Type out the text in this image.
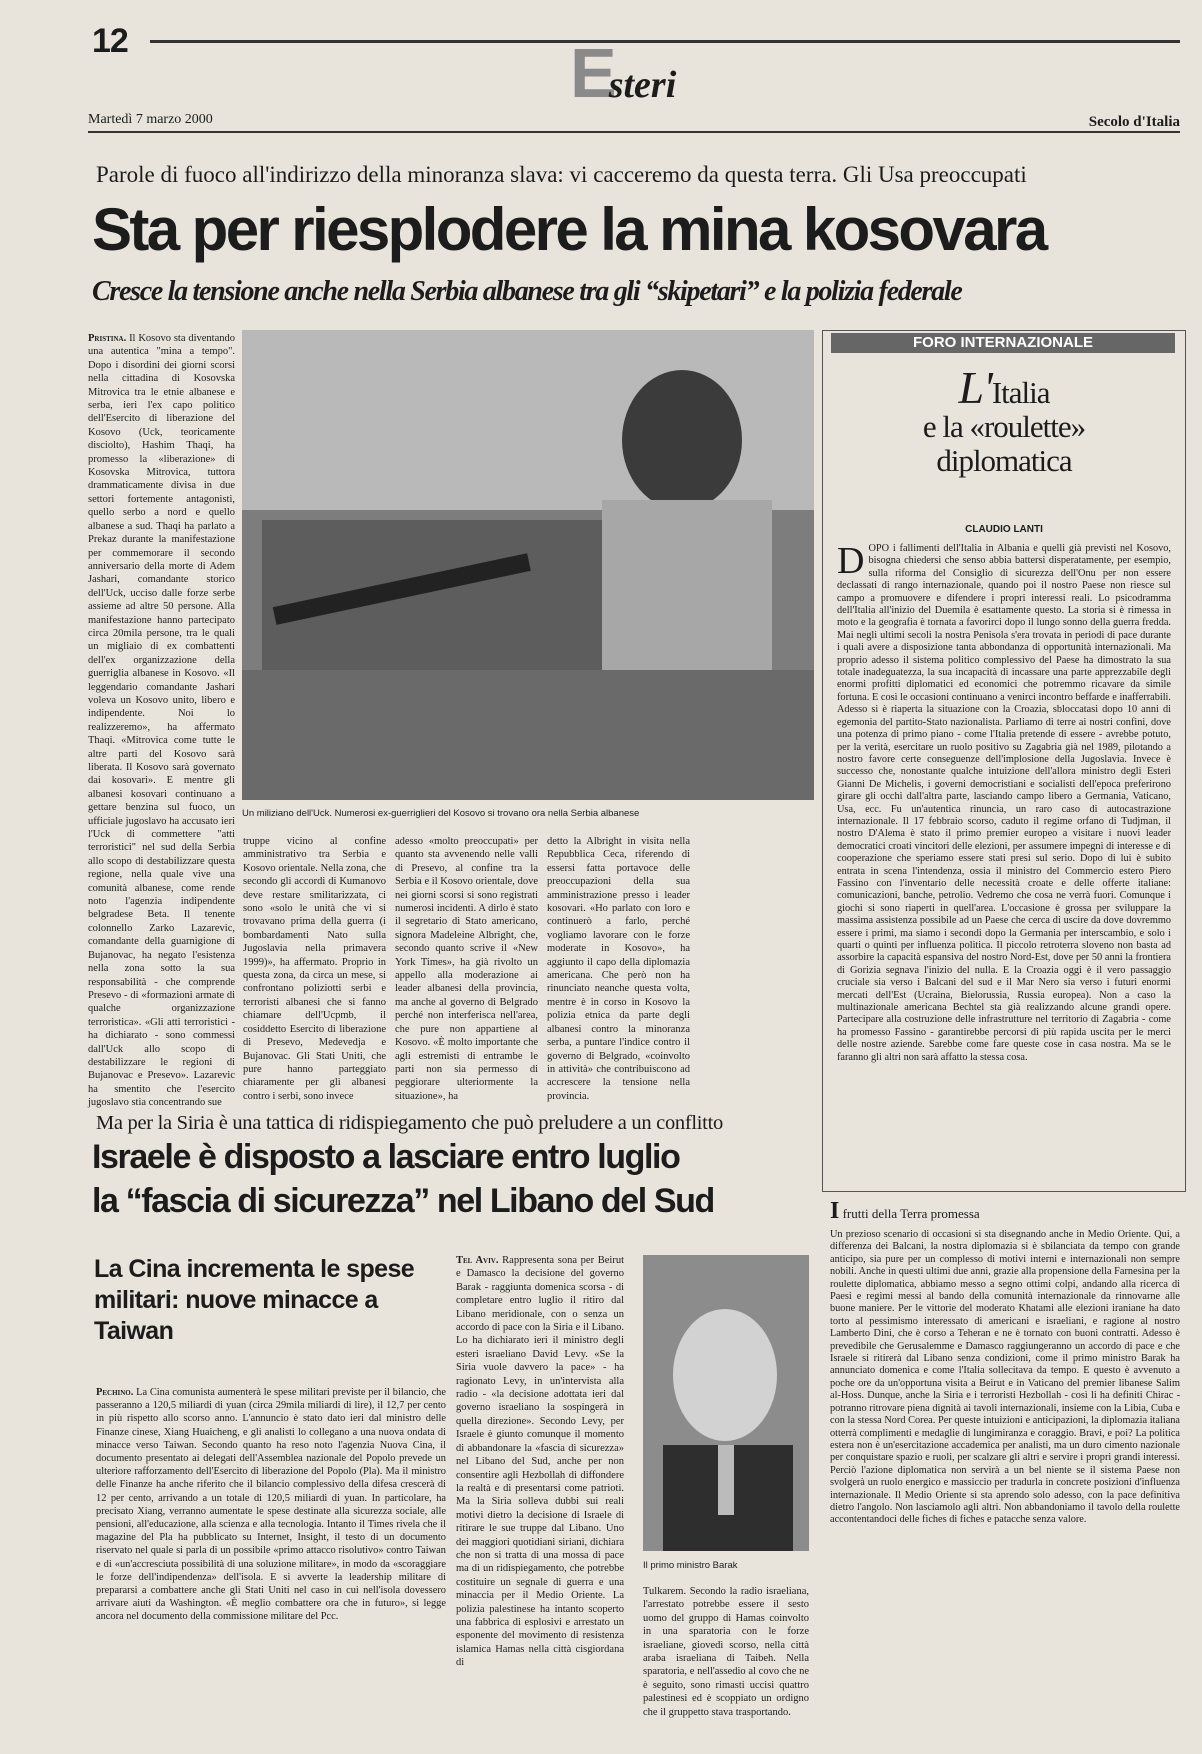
12	Esteri
Martedì 7 marzo 2000	Secolo d'Italia
Parole di fuoco all'indirizzo della minoranza slava: vi cacceremo da questa terra. Gli Usa preoccupati
Sta per riesplodere la mina kosovara
Cresce la tensione anche nella Serbia albanese tra gli “skipetari” e la polizia federale
Un miliziano dell'Uck. Numerosi ex-guerriglieri del Kosovo si trovano ora nella Serbia albanese
Pristina. Il Kosovo sta diventando una autentica "mina a tempo". Dopo i disordini dei giorni scorsi nella cittadina di Kosovska Mitrovica tra le etnie albanese e serba, ieri l'ex capo politico dell'Esercito di liberazione del Kosovo (Uck, teoricamente disciolto), Hashim Thaqi, ha promesso la «liberazione» di Kosovska Mitrovica, tuttora drammaticamente divisa in due settori fortemente antagonisti, quello serbo a nord e quello albanese a sud. Thaqi ha parlato a Prekaz durante la manifestazione per commemorare il secondo anniversario della morte di Adem Jashari, comandante storico dell'Uck, ucciso dalle forze serbe assieme ad altre 50 persone. Alla manifestazione hanno partecipato circa 20mila persone, tra le quali un migliaio di ex combattenti dell'ex organizzazione della guerriglia albanese in Kosovo. «Il leggendario comandante Jashari voleva un Kosovo unito, libero e indipendente. Noi lo realizzeremo», ha affermato Thaqi. «Mitrovica come tutte le altre parti del Kosovo sarà liberata. Il Kosovo sarà governato dai kosovari». E mentre gli albanesi kosovari continuano a gettare benzina sul fuoco, un ufficiale jugoslavo ha accusato ieri l'Uck di commettere "atti terroristici" nel sud della Serbia allo scopo di destabilizzare questa regione, nella quale vive una comunità albanese, come rende noto l'agenzia indipendente belgradese Beta. Il tenente colonnello Zarko Lazarevic, comandante della guarnigione di Bujanovac, ha negato l'esistenza nella zona sotto la sua responsabilità - che comprende Presevo - di «formazioni armate di qualche organizzazione terroristica». «Gli atti terroristici - ha dichiarato - sono commessi dall'Uck allo scopo di destabilizzare le regioni di Bujanovac e Presevo». Lazarevic ha smentito che l'esercito jugoslavo stia concentrando sue
truppe vicino al confine amministrativo tra Serbia e Kosovo orientale. Nella zona, che secondo gli accordi di Kumanovo deve restare smilitarizzata, ci sono «solo le unità che vi si trovavano prima della guerra (i bombardamenti Nato sulla Jugoslavia nella primavera 1999)», ha affermato. Proprio in questa zona, da circa un mese, si confrontano poliziotti serbi e terroristi albanesi che si fanno chiamare dell'Ucpmb, il cosiddetto Esercito di liberazione di Presevo, Medevedja e Bujanovac. Gli Stati Uniti, che pure hanno parteggiato chiaramente per gli albanesi contro i serbi, sono invece
adesso «molto preoccupati» per quanto sta avvenendo nelle valli di Presevo, al confine tra la Serbia e il Kosovo orientale, dove nei giorni scorsi si sono registrati numerosi incidenti. A dirlo è stato il segretario di Stato americano, signora Madeleine Albright, che, secondo quanto scrive il «New York Times», ha già rivolto un appello alla moderazione ai leader albanesi della provincia, ma anche al governo di Belgrado perché non interferisca nell'area, che pure non appartiene al Kosovo. «È molto importante che agli estremisti di entrambe le parti non sia permesso di peggiorare ulteriormente la situazione», ha
detto la Albright in visita nella Repubblica Ceca, riferendo di essersi fatta portavoce delle preoccupazioni della sua amministrazione presso i leader kosovari. «Ho parlato con loro e continuerò a farlo, perché vogliamo lavorare con le forze moderate in Kosovo», ha aggiunto il capo della diplomazia americana. Che però non ha rinunciato neanche questa volta, mentre è in corso in Kosovo la polizia etnica da parte degli albanesi contro la minoranza serba, a puntare l'indice contro il governo di Belgrado, «coinvolto in attività» che contribuiscono ad accrescere la tensione nella provincia.
Ma per la Siria è una tattica di ridispiegamento che può preludere a un conflitto
Israele è disposto a lasciare entro luglio
la “fascia di sicurezza” nel Libano del Sud
La Cina incrementa le spese militari: nuove minacce a Taiwan
Pechino. La Cina comunista aumenterà le spese militari previste per il bilancio, che passeranno a 120,5 miliardi di yuan (circa 29mila miliardi di lire), il 12,7 per cento in più rispetto allo scorso anno. L'annuncio è stato dato ieri dal ministro delle Finanze cinese, Xiang Huaicheng, e gli analisti lo collegano a una nuova ondata di minacce verso Taiwan. Secondo quanto ha reso noto l'agenzia Nuova Cina, il documento presentato ai delegati dell'Assemblea nazionale del Popolo prevede un ulteriore rafforzamento dell'Esercito di liberazione del Popolo (Pla). Ma il ministro delle Finanze ha anche riferito che il bilancio complessivo della difesa crescerà di 12 per cento, arrivando a un totale di 120,5 miliardi di yuan. In particolare, ha precisato Xiang, verranno aumentate le spese destinate alla sicurezza sociale, alle pensioni, all'educazione, alla scienza e alla tecnologia. Intanto il Times rivela che il magazine del Pla ha pubblicato su Internet, Insight, il testo di un documento riservato nel quale si parla di un possibile «primo attacco risolutivo» contro Taiwan e di «un'accresciuta possibilità di una soluzione militare», in modo da «scoraggiare le forze dell'indipendenza» dell'isola. E si avverte la leadership militare di prepararsi a combattere anche gli Stati Uniti nel caso in cui nell'isola dovessero arrivare aiuti da Washington. «È meglio combattere ora che in futuro», si legge ancora nel documento della commissione militare del Pcc.
Tel Aviv. Rappresenta sona per Beirut e Damasco la decisione del governo Barak - raggiunta domenica scorsa - di completare entro luglio il ritiro dal Libano meridionale, con o senza un accordo di pace con la Siria e il Libano. Lo ha dichiarato ieri il ministro degli esteri israeliano David Levy. «Se la Siria vuole davvero la pace» - ha ragionato Levy, in un'intervista alla radio - «la decisione adottata ieri dal governo israeliano la sospingerà in quella direzione». Secondo Levy, per Israele è giunto comunque il momento di abbandonare la «fascia di sicurezza» nel Libano del Sud, anche per non consentire agli Hezbollah di diffondere la realtà e di presentarsi come patrioti. Ma la Siria solleva dubbi sui reali motivi dietro la decisione di Israele di ritirare le sue truppe dal Libano. Uno dei maggiori quotidiani siriani, dichiara che non si tratta di una mossa di pace ma di un ridispiegamento, che potrebbe costituire un segnale di guerra e una minaccia per il Medio Oriente. La polizia palestinese ha intanto scoperto una fabbrica di esplosivi e arrestato un esponente del movimento di resistenza islamica Hamas nella città cisgiordana di
Il primo ministro Barak
Tulkarem. Secondo la radio israeliana, l'arrestato potrebbe essere il sesto uomo del gruppo di Hamas coinvolto in una sparatoria con le forze israeliane, giovedì scorso, nella città araba israeliana di Taibeh. Nella sparatoria, e nell'assedio al covo che ne è seguito, sono rimasti uccisi quattro palestinesi ed è scoppiato un ordigno che il gruppetto stava trasportando.
FORO INTERNAZIONALE
L'Italia
e la «roulette»
diplomatica
CLAUDIO LANTI
D OPO i fallimenti dell'Italia in Albania e quelli già previsti nel Kosovo, bisogna chiedersi che senso abbia battersi disperatamente, per esempio, sulla riforma del Consiglio di sicurezza dell'Onu per non essere declassati di rango internazionale, quando poi il nostro Paese non riesce sul campo a promuovere e difendere i propri interessi reali. Lo psicodramma dell'Italia all'inizio del Duemila è esattamente questo. La storia si è rimessa in moto e la geografia è tornata a favorirci dopo il lungo sonno della guerra fredda. Mai negli ultimi secoli la nostra Penisola s'era trovata in periodi di pace durante i quali avere a disposizione tanta abbondanza di opportunità internazionali. Ma proprio adesso il sistema politico complessivo del Paese ha dimostrato la sua totale inadeguatezza, la sua incapacità di incassare una parte apprezzabile degli enormi profitti diplomatici ed economici che potremmo ricavare da simile fortuna. E così le occasioni continuano a venirci incontro beffarde e inafferrabili. Adesso si è riaperta la situazione con la Croazia, sbloccatasi dopo 10 anni di egemonia del partito-Stato nazionalista. Parliamo di terre ai nostri confini, dove una potenza di primo piano - come l'Italia pretende di essere - avrebbe potuto, per la verità, esercitare un ruolo positivo su Zagabria già nel 1989, pilotando a nostro favore certe conseguenze dell'implosione della Jugoslavia. Invece è successo che, nonostante qualche intuizione dell'allora ministro degli Esteri Gianni De Michelis, i governi democristiani e socialisti dell'epoca preferirono girare gli occhi dall'altra parte, lasciando campo libero a Germania, Vaticano, Usa, ecc. Fu un'autentica rinuncia, un raro caso di autocastrazione internazionale. Il 17 febbraio scorso, caduto il regime orfano di Tudjman, il nostro D'Alema è stato il primo premier europeo a visitare i nuovi leader democratici croati vincitori delle elezioni, per assumere impegni di interesse e di cooperazione che speriamo essere stati presi sul serio. Dopo di lui è subito entrata in scena l'intendenza, ossia il ministro del Commercio estero Piero Fassino con l'inventario delle necessità croate e delle offerte italiane: comunicazioni, banche, petrolio. Vedremo che cosa ne verrà fuori. Comunque i giochi si sono riaperti in quell'area. L'occasione è grossa per sviluppare la massima assistenza possibile ad un Paese che cerca di uscire da dove dovremmo essere i primi, ma siamo i secondi dopo la Germania per interscambio, e solo i quarti o quinti per influenza politica. Il piccolo retroterra sloveno non basta ad assorbire la capacità espansiva del nostro Nord-Est, dove per 50 anni la frontiera di Gorizia segnava l'inizio del nulla. E la Croazia oggi è il vero passaggio cruciale sia verso i Balcani del sud e il Mar Nero sia verso i futuri enormi mercati dell'Est (Ucraina, Bielorussia, Russia europea). Non a caso la multinazionale americana Bechtel sta già realizzando alcune grandi opere. Partecipare alla costruzione delle infrastrutture nel territorio di Zagabria - come ha promesso Fassino - garantirebbe percorsi di più rapida uscita per le merci delle nostre aziende. Sarebbe come fare queste cose in casa nostra. Ma se le faranno gli altri non sarà affatto la stessa cosa.
I frutti della Terra promessa
Un prezioso scenario di occasioni si sta disegnando anche in Medio Oriente. Qui, a differenza dei Balcani, la nostra diplomazia si è sbilanciata da tempo con grande anticipo, sia pure per un complesso di motivi interni e internazionali non sempre nobili. Anche in questi ultimi due anni, grazie alla propensione della Farnesina per la roulette diplomatica, abbiamo messo a segno ottimi colpi, andando alla ricerca di Paesi e regimi messi al bando della comunità internazionale da rinnovarne alle buone maniere. Per le vittorie del moderato Khatami alle elezioni iraniane ha dato torto al pessimismo interessato di americani e israeliani, e ragione al nostro Lamberto Dini, che è corso a Teheran e ne è tornato con buoni contratti. Adesso è prevedibile che Gerusalemme e Damasco raggiungeranno un accordo di pace e che Israele si ritirerà dal Libano senza condizioni, come il primo ministro Barak ha annunciato domenica e come l'Italia sollecitava da tempo. E questo è avvenuto a poche ore da un'opportuna visita a Beirut e in Vaticano del premier libanese Salim al-Hoss. Dunque, anche la Siria e i terroristi Hezbollah - così li ha definiti Chirac - potranno ritrovare piena dignità ai tavoli internazionali, insieme con la Libia, Cuba e con la stessa Nord Corea. Per queste intuizioni e anticipazioni, la diplomazia italiana otterrà complimenti e medaglie di lungimiranza e coraggio. Bravi, e poi? La politica estera non è un'esercitazione accademica per analisti, ma un duro cimento nazionale per conquistare spazio e ruoli, per scalzare gli altri e servire i propri grandi interessi. Perciò l'azione diplomatica non servirà a un bel niente se il sistema Paese non svolgerà un ruolo energico e massiccio per tradurla in concrete posizioni d'influenza internazionale. Il Medio Oriente si sta aprendo solo adesso, con la pace definitiva dietro l'angolo. Non lasciamolo agli altri. Non abbandoniamo il tavolo della roulette accontentandoci delle fiches di fiches e patacche senza valore.
